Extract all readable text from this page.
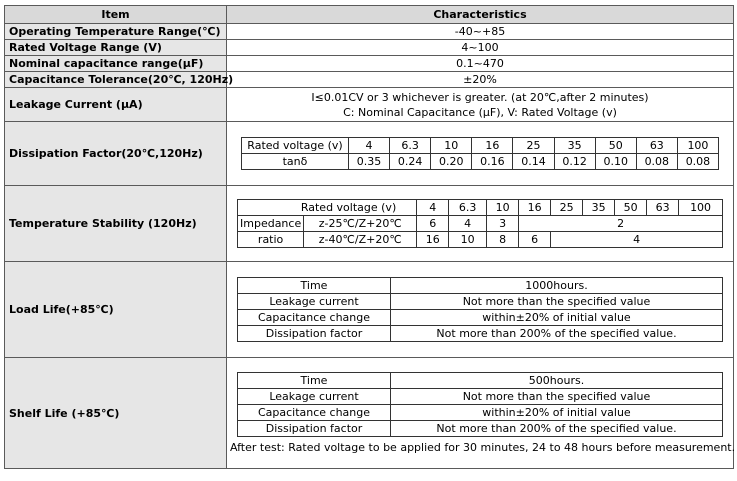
Item	Characteristics
Operating Temperature Range(℃)	-40~+85
Rated Voltage Range (V)	4~100
Nominal capacitance range(μF)	0.1~470
Capacitance Tolerance(20℃, 120Hz)	±20%
Leakage Current (μA)	
I≤0.01CV or 3 whichever is greater. (at 20℃,after 2 minutes)
C: Nominal Capacitance (μF), V: Rated Voltage (v)

Dissipation Factor(20℃,120Hz)	
Rated voltage (v)	4	6.3	10	16	25	35	50	63	100
tanδ	0.35	0.24	0.20	0.16	0.14	0.12	0.10	0.08	0.08

Temperature Stability (120Hz)	
Rated voltage (v)	4	6.3	10	16	25	35	50	63	100
Impedance	z-25℃/Z+20℃	6	4	3	2
ratio	z-40℃/Z+20℃	16	10	8	6	4

Load Life(+85℃)	
Time	1000hours.
Leakage current	Not more than the specified value
Capacitance change	within±20% of initial value
Dissipation factor	Not more than 200% of the specified value.

Shelf Life (+85℃)	
Time	500hours.
Leakage current	Not more than the specified value
Capacitance change	within±20% of initial value
Dissipation factor	Not more than 200% of the specified value.
After test: Rated voltage to be applied for 30 minutes, 24 to 48 hours before measurement.
